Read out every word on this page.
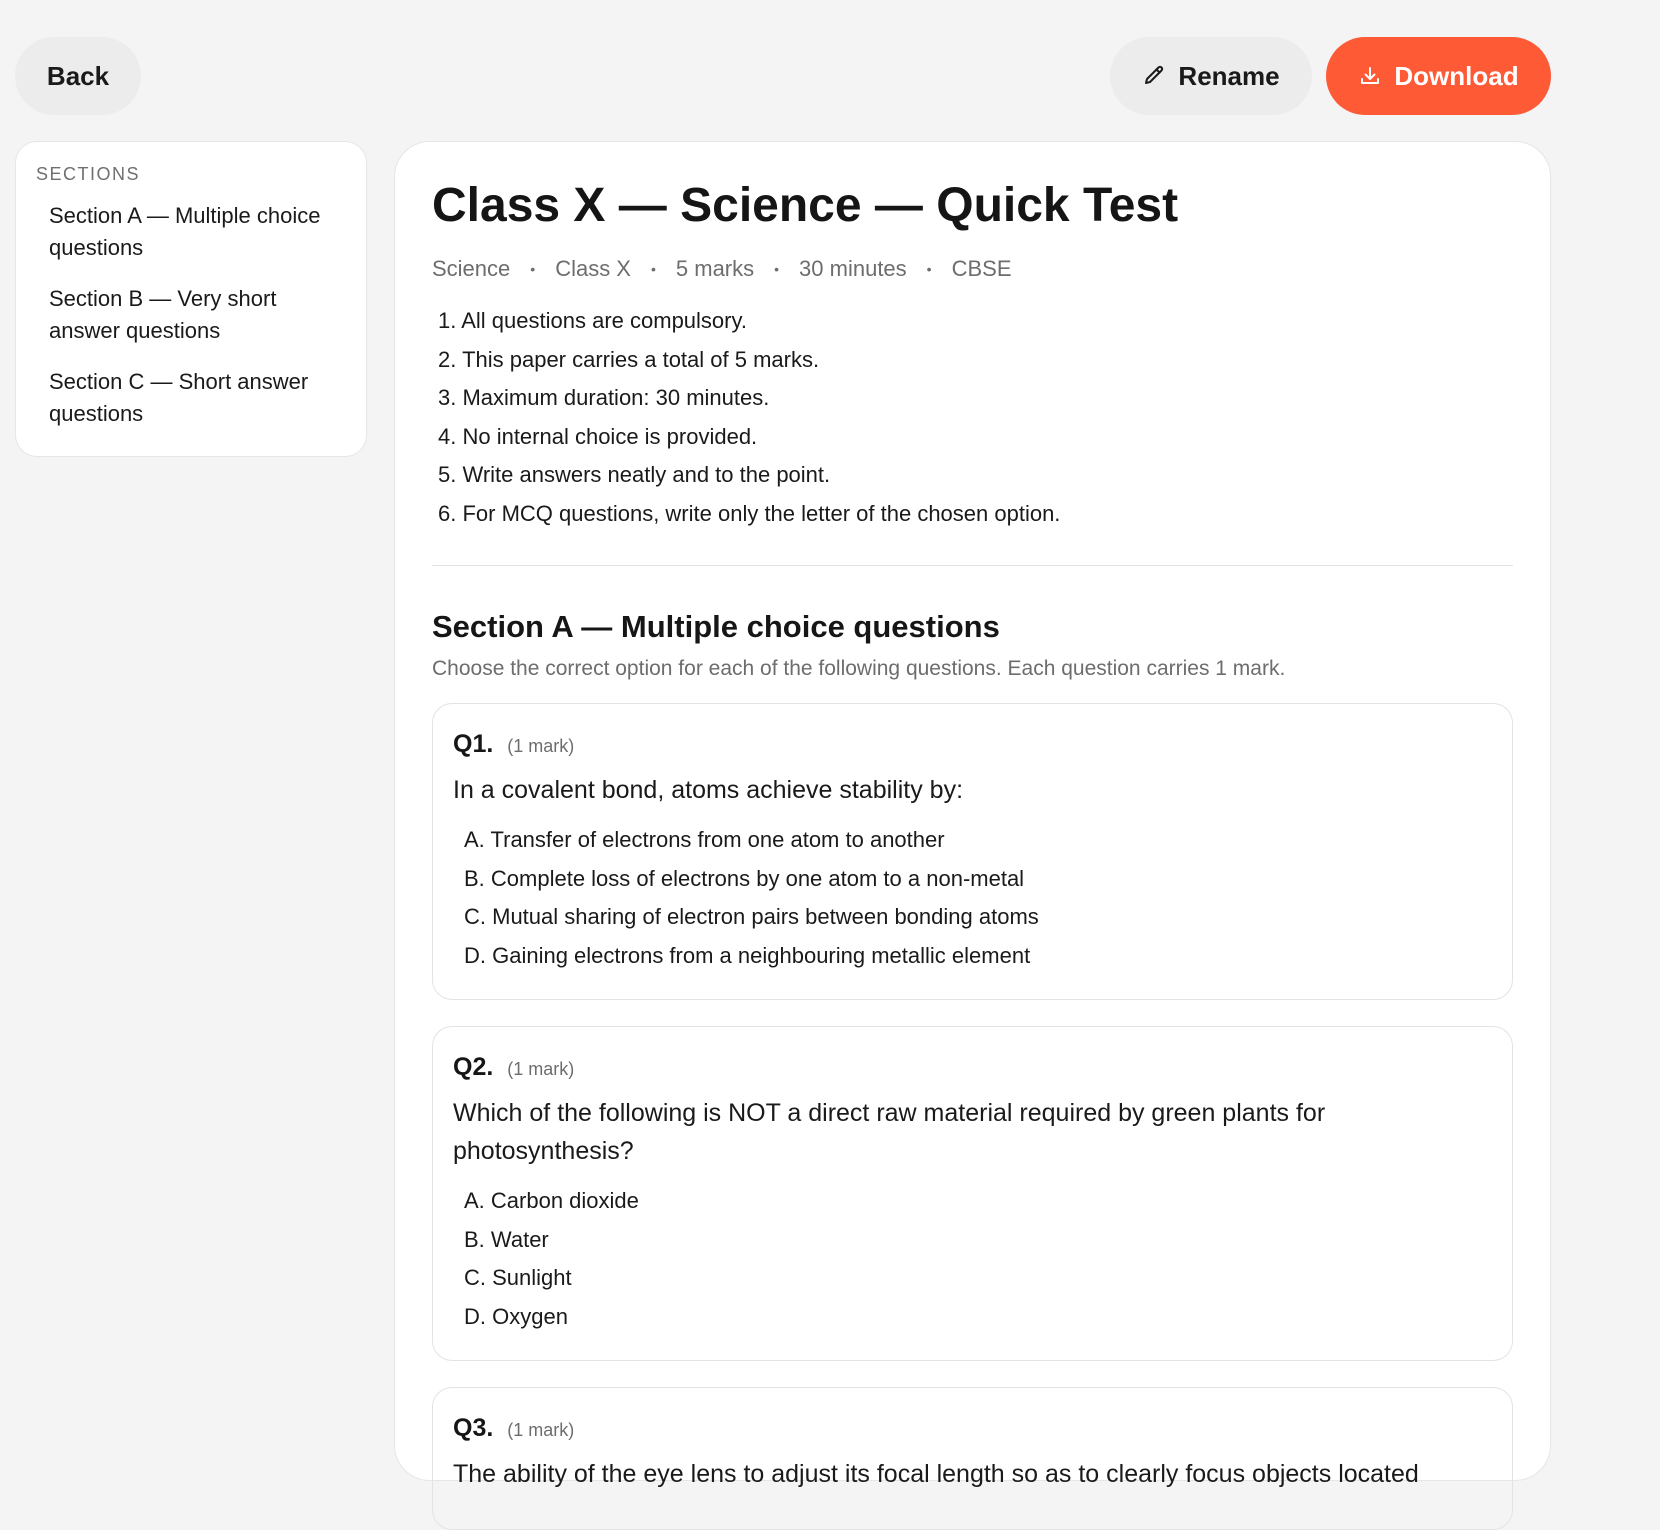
Back	Rename	Download
SECTIONS
Section A — Multiple choice questions
Section B — Very short answer questions
Section C — Short answer questions
Class X — Science — Quick Test
Science • Class X • 5 marks • 30 minutes • CBSE
1. All questions are compulsory.
2. This paper carries a total of 5 marks.
3. Maximum duration: 30 minutes.
4. No internal choice is provided.
5. Write answers neatly and to the point.
6. For MCQ questions, write only the letter of the chosen option.
Section A — Multiple choice questions

Choose the correct option for each of the following questions. Each question carries 1 mark.

Q1. (1 mark)
In a covalent bond, atoms achieve stability by:
A. Transfer of electrons from one atom to another
B. Complete loss of electrons by one atom to a non-metal
C. Mutual sharing of electron pairs between bonding atoms
D. Gaining electrons from a neighbouring metallic element
Q2. (1 mark)
Which of the following is NOT a direct raw material required by green plants for photosynthesis?
A. Carbon dioxide
B. Water
C. Sunlight
D. Oxygen
Q3. (1 mark)
The ability of the eye lens to adjust its focal length so as to clearly focus objects located
